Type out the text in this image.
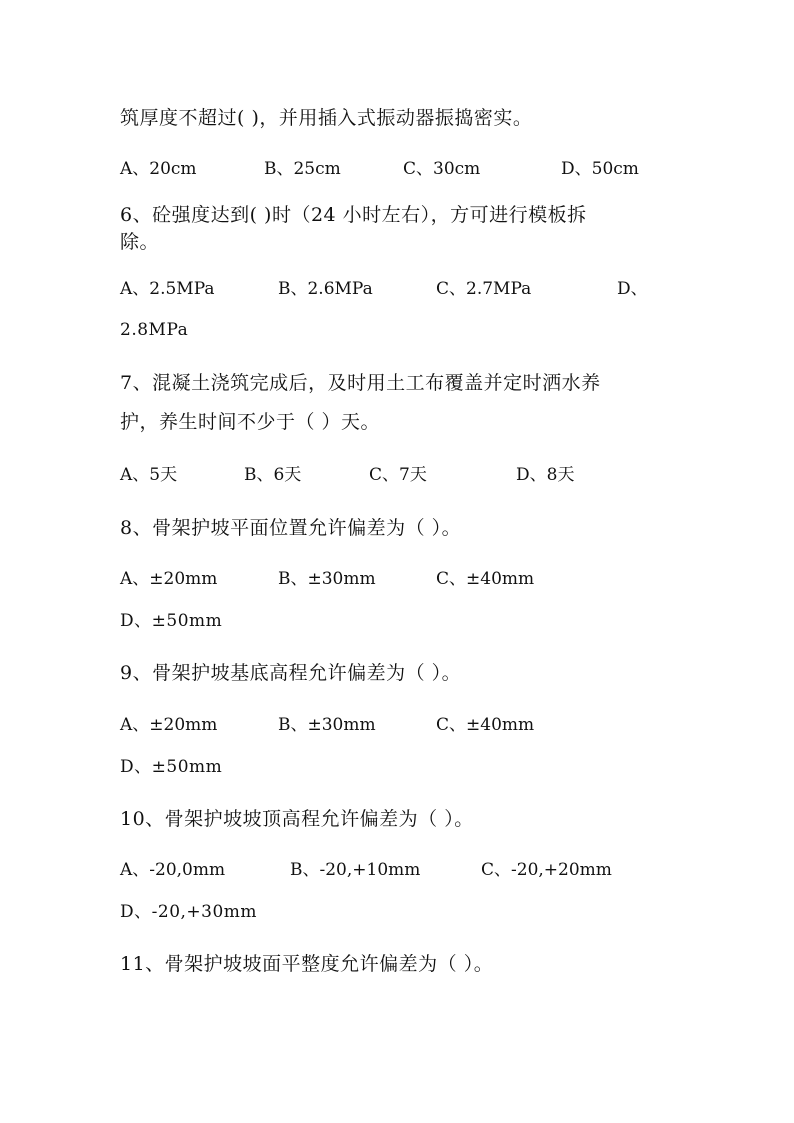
筑厚度不超过( )，并用插入式振动器振捣密实。

A、20cm	B、25cm	C、30cm	D、50cm

6、砼强度达到( )时（24 小时左右），方可进行模板拆

除。

A、2.5MPa	B、2.6MPa	C、2.7MPa	D、

2.8MPa

7、混凝土浇筑完成后，及时用土工布覆盖并定时洒水养

护，养生时间不少于（ ）天。

A、5天	B、6天	C、7天	D、8天

8、骨架护坡平面位置允许偏差为（ ）。

A、±20mm	B、±30mm	C、±40mm

D、±50mm

9、骨架护坡基底高程允许偏差为（ ）。

A、±20mm	B、±30mm	C、±40mm

D、±50mm

10、骨架护坡坡顶高程允许偏差为（ ）。

A、-20,0mm	B、-20,+10mm	C、-20,+20mm

D、-20,+30mm

11、骨架护坡坡面平整度允许偏差为（ ）。
